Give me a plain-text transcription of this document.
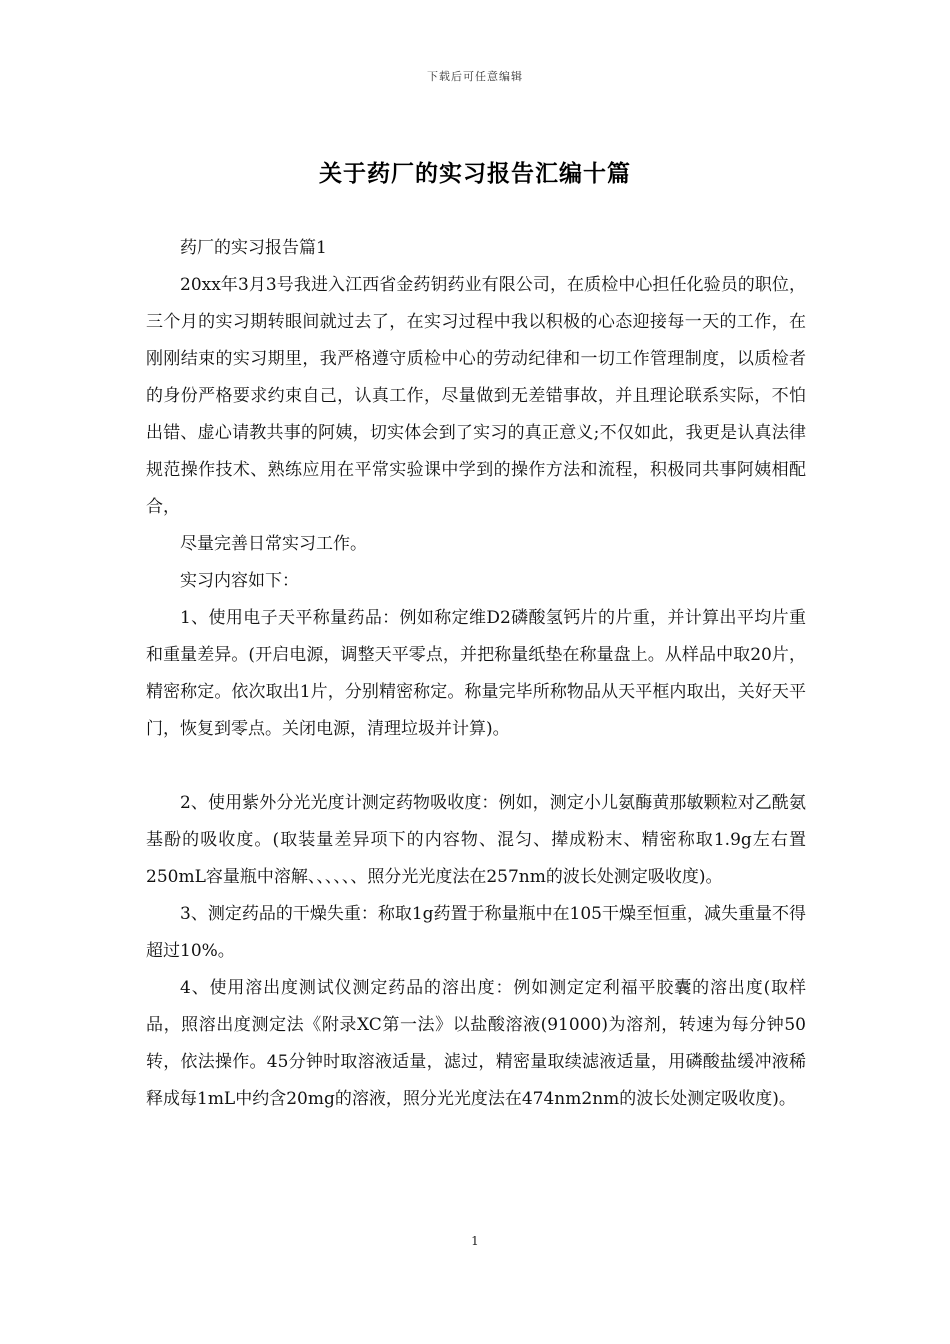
下载后可任意编辑
关于药厂的实习报告汇编十篇

药厂的实习报告篇1

20xx年3月3号我进入江西省金药钥药业有限公司，在质检中心担任化验员的职位，三个月的实习期转眼间就过去了，在实习过程中我以积极的心态迎接每一天的工作，在刚刚结束的实习期里，我严格遵守质检中心的劳动纪律和一切工作管理制度，以质检者的身份严格要求约束自己，认真工作，尽量做到无差错事故，并且理论联系实际，不怕出错、虚心请教共事的阿姨，切实体会到了实习的真正意义;不仅如此，我更是认真法律规范操作技术、熟练应用在平常实验课中学到的操作方法和流程，积极同共事阿姨相配合，

尽量完善日常实习工作。

实习内容如下：

1、使用电子天平称量药品：例如称定维D2磷酸氢钙片的片重，并计算出平均片重和重量差异。(开启电源，调整天平零点，并把称量纸垫在称量盘上。从样品中取20片，精密称定。依次取出1片，分别精密称定。称量完毕所称物品从天平框内取出，关好天平门，恢复到零点。关闭电源，清理垃圾并计算)。

2、使用紫外分光光度计测定药物吸收度：例如，测定小儿氨酶黄那敏颗粒对乙酰氨基酚的吸收度。(取装量差异项下的内容物、混匀、撵成粉末、精密称取1.9g左右置250mL容量瓶中溶解、、、、、、照分光光度法在257nm的波长处测定吸收度)。

3、测定药品的干燥失重：称取1g药置于称量瓶中在105干燥至恒重，减失重量不得超过10%。

4、使用溶出度测试仪测定药品的溶出度：例如测定定利福平胶囊的溶出度(取样品，照溶出度测定法《附录XC第一法》以盐酸溶液(91000)为溶剂，转速为每分钟50转，依法操作。45分钟时取溶液适量，滤过，精密量取续滤液适量，用磷酸盐缓冲液稀释成每1mL中约含20mg的溶液，照分光光度法在474nm2nm的波长处测定吸收度)。

1
